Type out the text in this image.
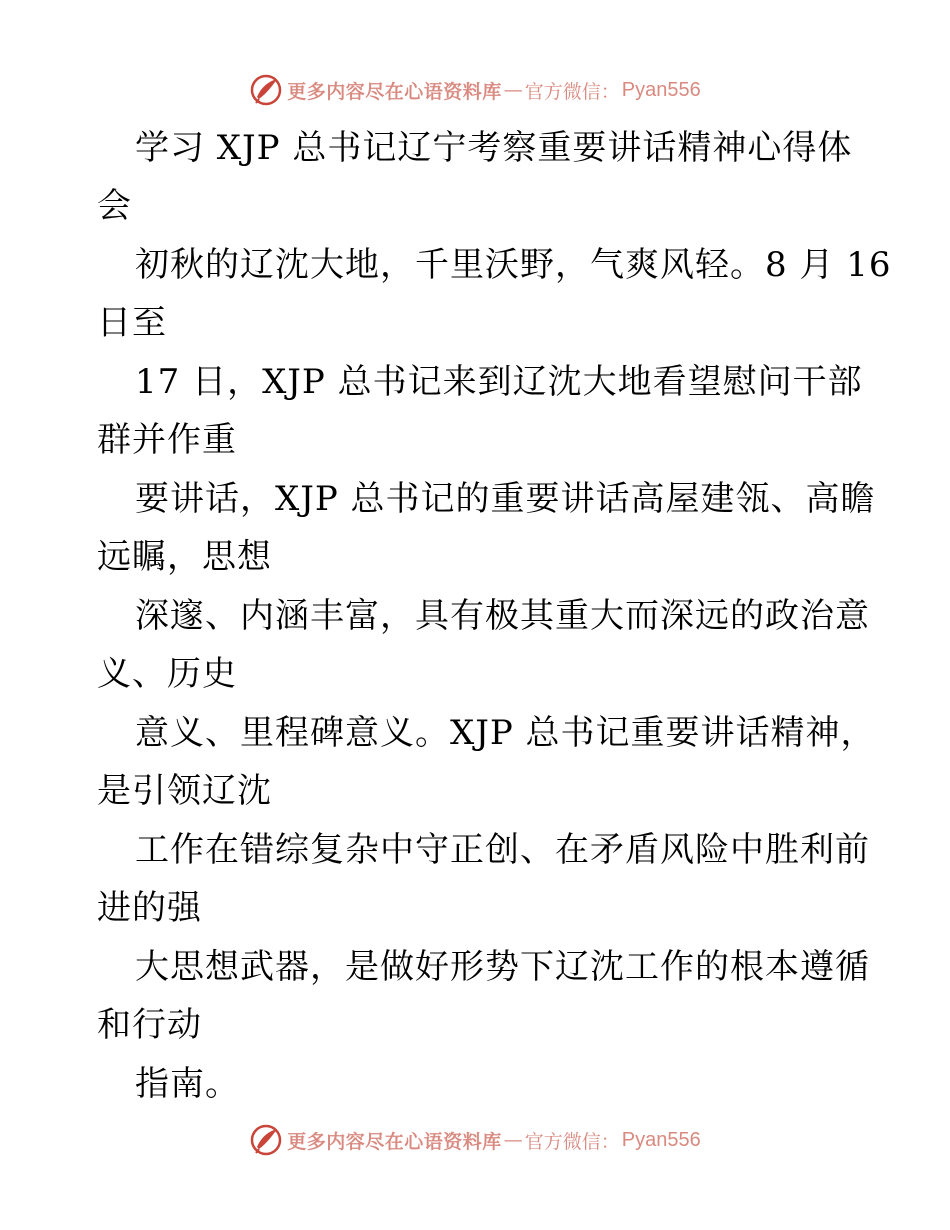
更多内容尽在心语资料库 — 官方微信： Pyan556
学习 XJP 总书记辽宁考察重要讲话精神心得体
会
初秋的辽沈大地，千里沃野，气爽风轻。8 月 16
日至
17 日，XJP 总书记来到辽沈大地看望慰问干部
群并作重
要讲话，XJP 总书记的重要讲话高屋建瓴、高瞻
远瞩，思想
深邃、内涵丰富，具有极其重大而深远的政治意
义、历史
意义、里程碑意义。XJP 总书记重要讲话精神，
是引领辽沈
工作在错综复杂中守正创、在矛盾风险中胜利前
进的强
大思想武器，是做好形势下辽沈工作的根本遵循
和行动
指南。
更多内容尽在心语资料库 — 官方微信： Pyan556
